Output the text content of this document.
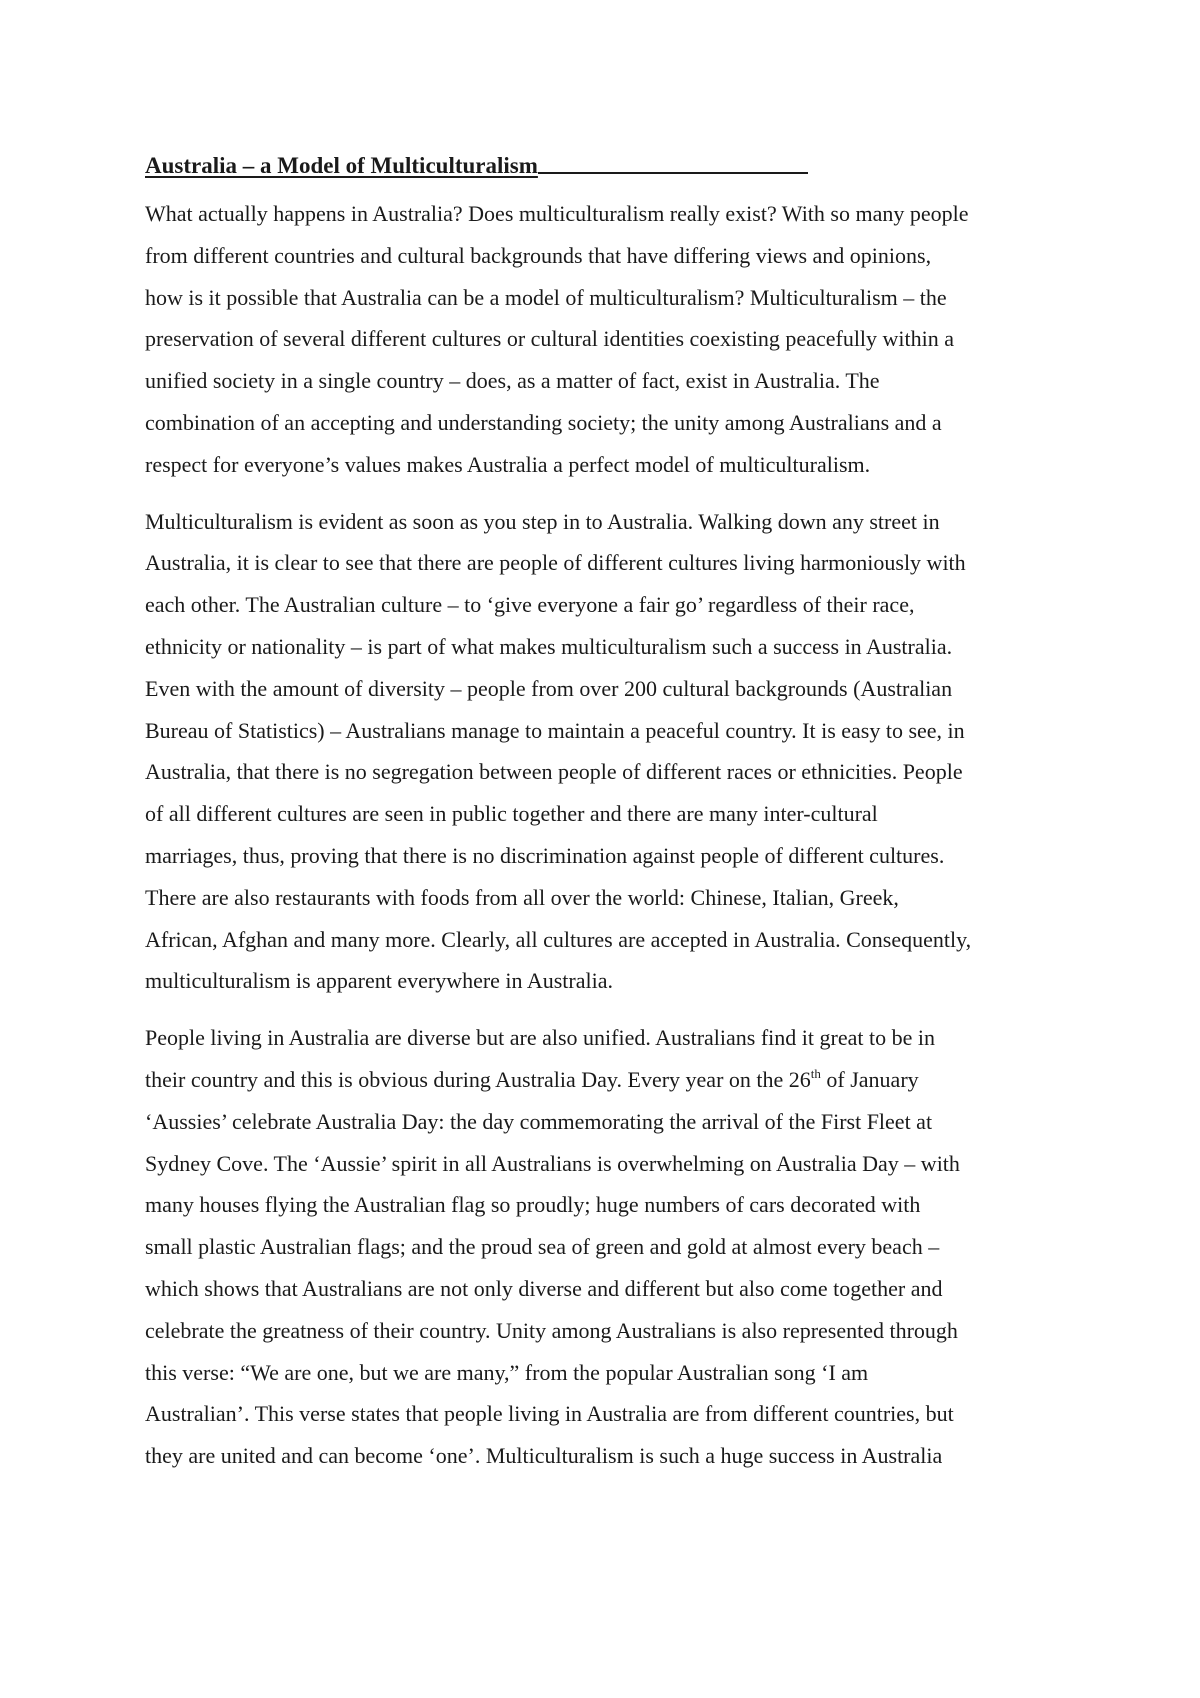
Australia – a Model of Multiculturalism
What actually happens in Australia? Does multiculturalism really exist? With so many people
from different countries and cultural backgrounds that have differing views and opinions,
how is it possible that Australia can be a model of multiculturalism? Multiculturalism – the
preservation of several different cultures or cultural identities coexisting peacefully within a
unified society in a single country – does, as a matter of fact, exist in Australia. The
combination of an accepting and understanding society; the unity among Australians and a
respect for everyone’s values makes Australia a perfect model of multiculturalism.
Multiculturalism is evident as soon as you step in to Australia. Walking down any street in
Australia, it is clear to see that there are people of different cultures living harmoniously with
each other. The Australian culture – to ‘give everyone a fair go’ regardless of their race,
ethnicity or nationality – is part of what makes multiculturalism such a success in Australia.
Even with the amount of diversity – people from over 200 cultural backgrounds (Australian
Bureau of Statistics) – Australians manage to maintain a peaceful country. It is easy to see, in
Australia, that there is no segregation between people of different races or ethnicities. People
of all different cultures are seen in public together and there are many inter-cultural
marriages, thus, proving that there is no discrimination against people of different cultures.
There are also restaurants with foods from all over the world: Chinese, Italian, Greek,
African, Afghan and many more. Clearly, all cultures are accepted in Australia. Consequently,
multiculturalism is apparent everywhere in Australia.
People living in Australia are diverse but are also unified. Australians find it great to be in
their country and this is obvious during Australia Day. Every year on the 26th of January
‘Aussies’ celebrate Australia Day: the day commemorating the arrival of the First Fleet at
Sydney Cove. The ‘Aussie’ spirit in all Australians is overwhelming on Australia Day – with
many houses flying the Australian flag so proudly; huge numbers of cars decorated with
small plastic Australian flags; and the proud sea of green and gold at almost every beach –
which shows that Australians are not only diverse and different but also come together and
celebrate the greatness of their country. Unity among Australians is also represented through
this verse: “We are one, but we are many,” from the popular Australian song ‘I am
Australian’. This verse states that people living in Australia are from different countries, but
they are united and can become ‘one’. Multiculturalism is such a huge success in Australia
